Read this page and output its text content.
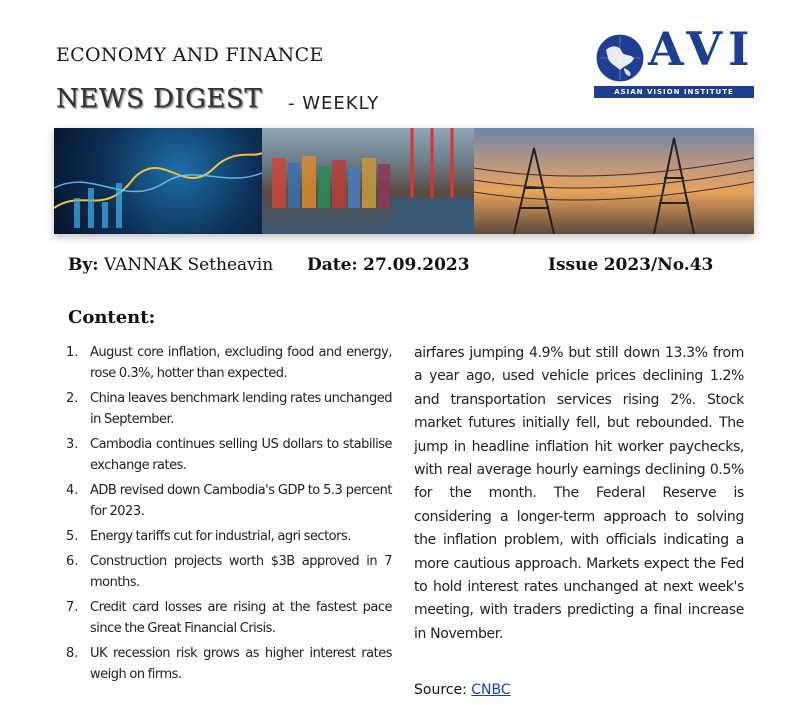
ECONOMY AND FINANCE
NEWS DIGEST - WEEKLY
AVI
ASIAN VISION INSTITUTE
By: VANNAK Setheavin Date: 27.09.2023	Issue 2023/No.43
Content:
1. August core inflation, excluding food and energy, rose 0.3%, hotter than expected.
2. China leaves benchmark lending rates unchanged in September.
3. Cambodia continues selling US dollars to stabilise exchange rates.
4. ADB revised down Cambodia's GDP to 5.3 percent for 2023.
5. Energy tariffs cut for industrial, agri sectors.
6. Construction projects worth $3B approved in 7 months.
7. Credit card losses are rising at the fastest pace since the Great Financial Crisis.
8. UK recession risk grows as higher interest rates weigh on firms.

airfares jumping 4.9% but still down 13.3% from a year ago, used vehicle prices declining 1.2% and transportation services rising 2%. Stock market futures initially fell, but rebounded. The jump in headline inflation hit worker paychecks, with real average hourly earnings declining 0.5% for the month. The Federal Reserve is considering a longer-term approach to solving the inflation problem, with officials indicating a more cautious approach. Markets expect the Fed to hold interest rates unchanged at next week's meeting, with traders predicting a final increase in November.

Source: CNBC
